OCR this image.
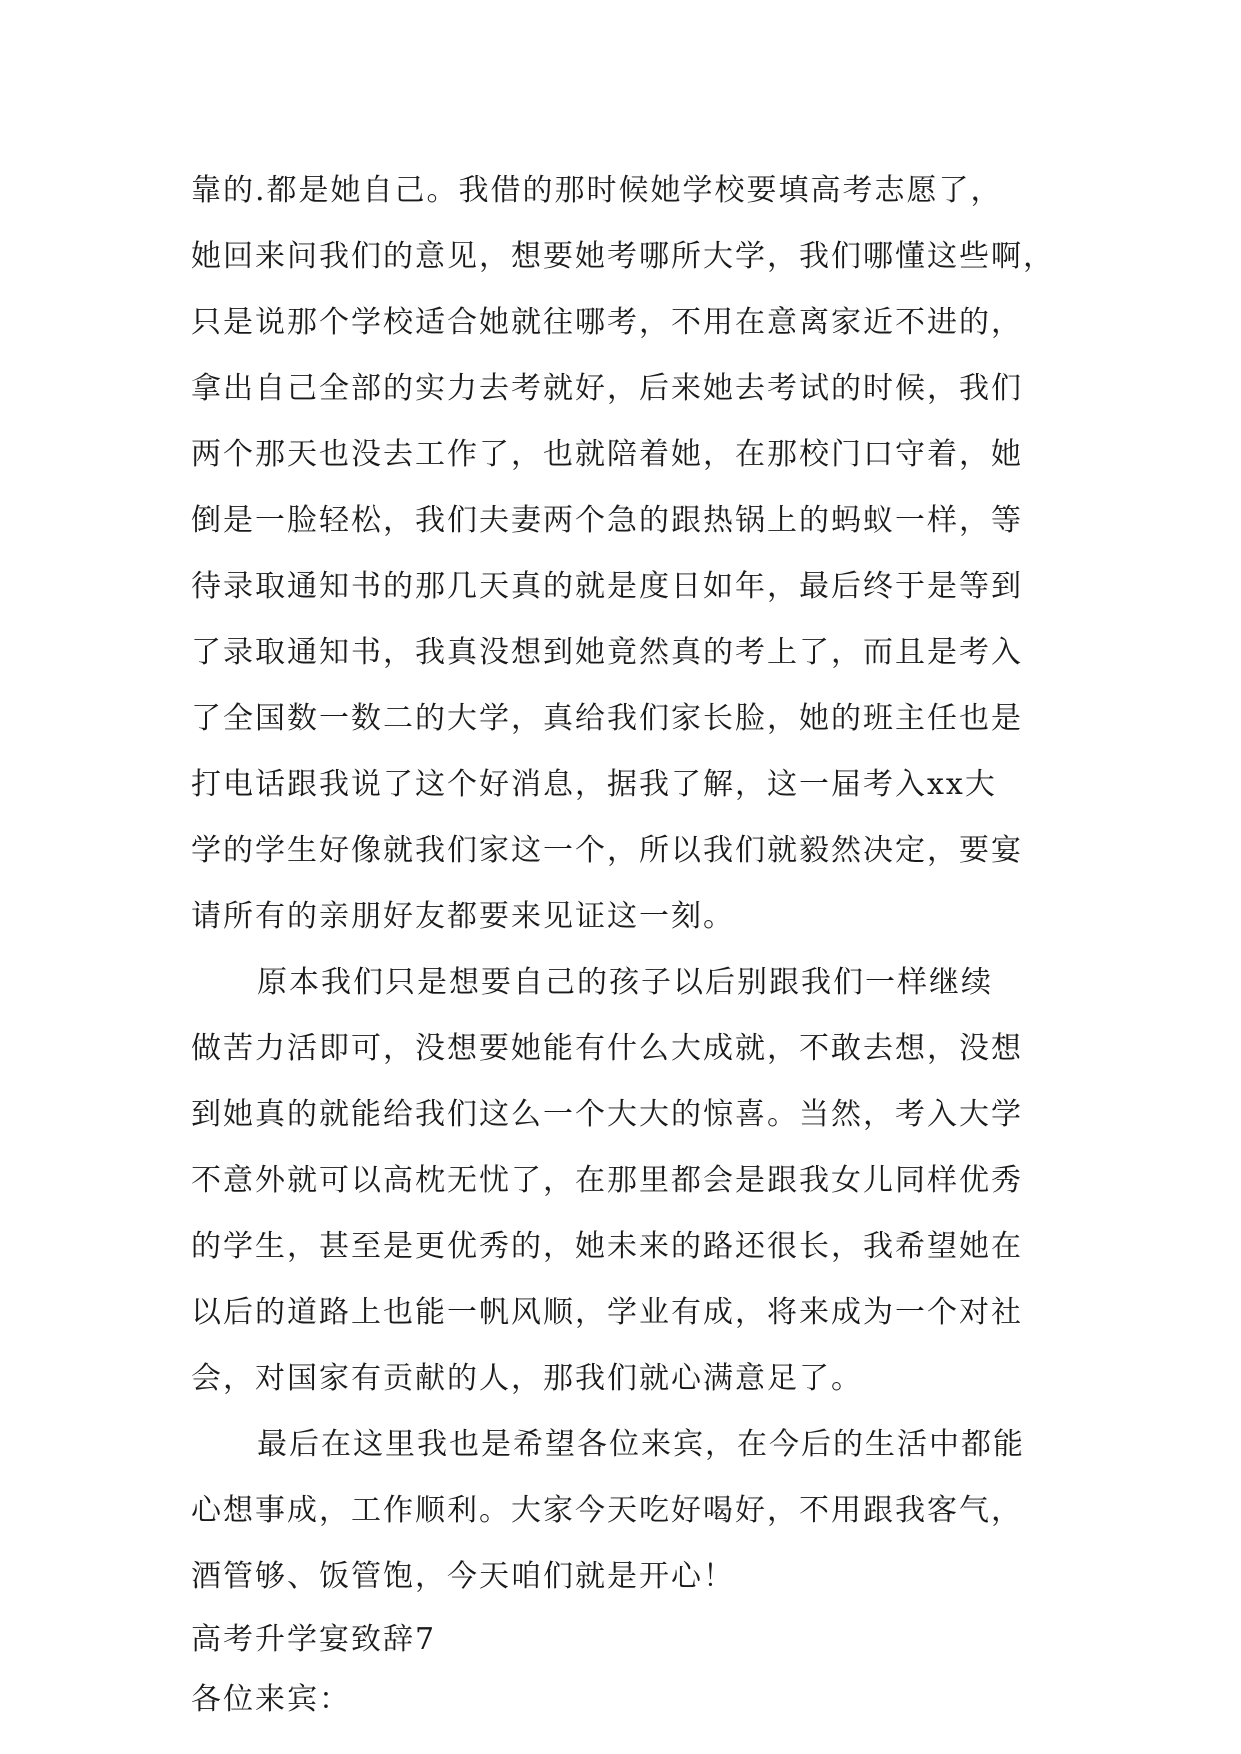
靠的.都是她自己。我借的那时候她学校要填高考志愿了，
她回来问我们的意见，想要她考哪所大学，我们哪懂这些啊，
只是说那个学校适合她就往哪考，不用在意离家近不进的，
拿出自己全部的实力去考就好，后来她去考试的时候，我们
两个那天也没去工作了，也就陪着她，在那校门口守着，她
倒是一脸轻松，我们夫妻两个急的跟热锅上的蚂蚁一样，等
待录取通知书的那几天真的就是度日如年，最后终于是等到
了录取通知书，我真没想到她竟然真的考上了，而且是考入
了全国数一数二的大学，真给我们家长脸，她的班主任也是
打电话跟我说了这个好消息，据我了解，这一届考入xx大
学的学生好像就我们家这一个，所以我们就毅然决定，要宴
请所有的亲朋好友都要来见证这一刻。
原本我们只是想要自己的孩子以后别跟我们一样继续
做苦力活即可，没想要她能有什么大成就，不敢去想，没想
到她真的就能给我们这么一个大大的惊喜。当然，考入大学
不意外就可以高枕无忧了，在那里都会是跟我女儿同样优秀
的学生，甚至是更优秀的，她未来的路还很长，我希望她在
以后的道路上也能一帆风顺，学业有成，将来成为一个对社
会，对国家有贡献的人，那我们就心满意足了。
最后在这里我也是希望各位来宾，在今后的生活中都能
心想事成，工作顺利。大家今天吃好喝好，不用跟我客气，
酒管够、饭管饱，今天咱们就是开心！
高考升学宴致辞7
各位来宾：
